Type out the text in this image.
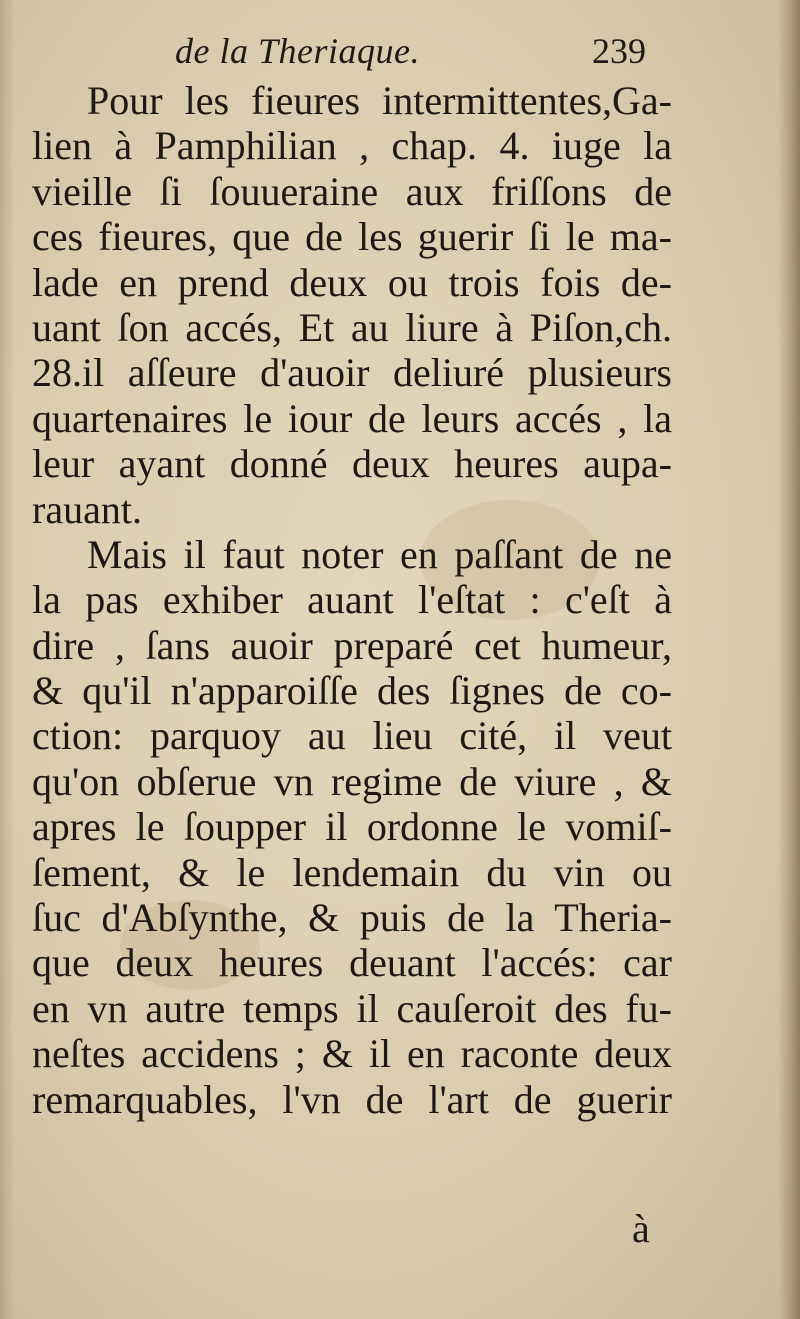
de la Theriaque.	239
Pour les fieures intermittentes,Ga-
lien à Pamphilian , chap. 4. iuge la
vieille ſi ſouueraine aux friſſons de
ces fieures, que de les guerir ſi le ma-
lade en prend deux ou trois fois de-
uant ſon accés, Et au liure à Piſon,ch.
28.il aſſeure d'auoir deliuré plusieurs
quartenaires le iour de leurs accés , la
leur ayant donné deux heures aupa-
rauant.
Mais il faut noter en paſſant de ne
la pas exhiber auant l'eſtat : c'eſt à
dire , ſans auoir preparé cet humeur,
& qu'il n'apparoiſſe des ſignes de co-
ction: parquoy au lieu cité, il veut
qu'on obſerue vn regime de viure , &
apres le ſoupper il ordonne le vomiſ-
ſement, & le lendemain du vin ou
ſuc d'Abſynthe, & puis de la Theria-
que deux heures deuant l'accés: car
en vn autre temps il cauſeroit des fu-
neſtes accidens ; & il en raconte deux
remarquables, l'vn de l'art de guerir
à
